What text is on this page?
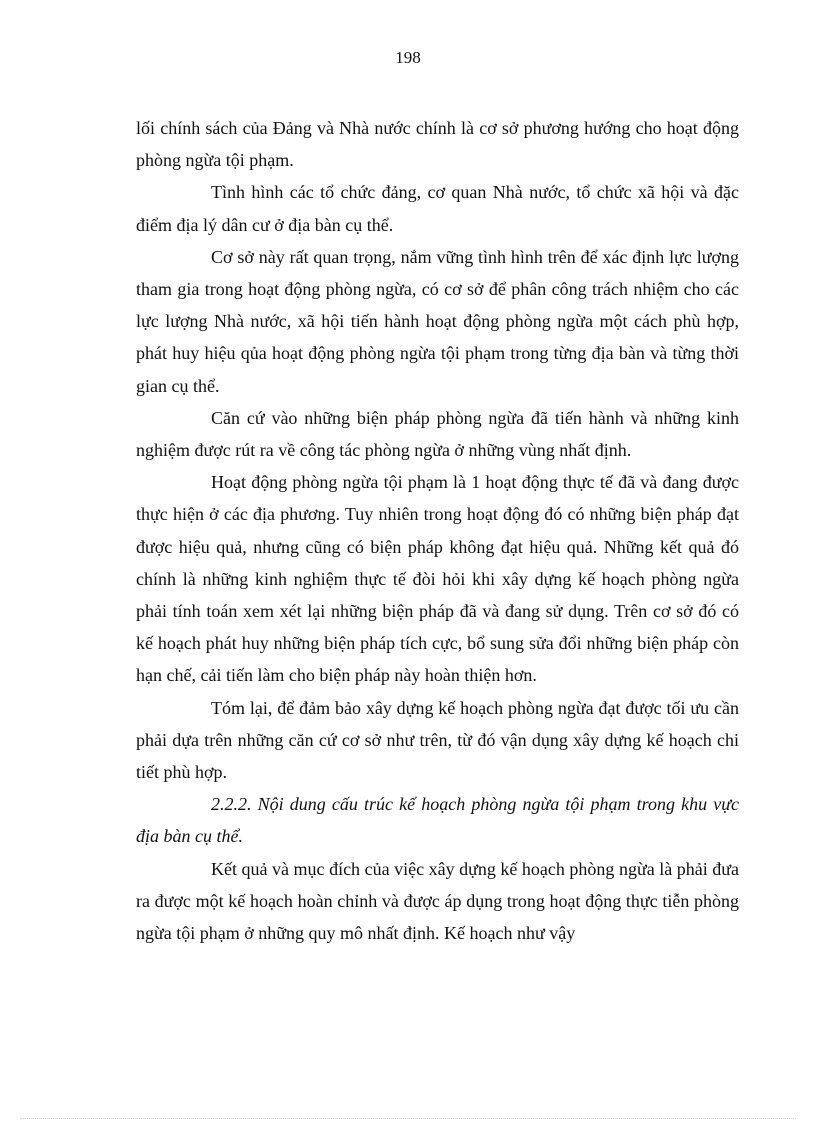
198

lối chính sách của Đảng và Nhà nước chính là cơ sở phương hướng cho hoạt động phòng ngừa tội phạm.

Tình hình các tổ chức đảng, cơ quan Nhà nước, tổ chức xã hội và đặc điểm địa lý dân cư ở địa bàn cụ thể.

Cơ sở này rất quan trọng, nắm vững tình hình trên để xác định lực lượng tham gia trong hoạt động phòng ngừa, có cơ sở để phân công trách nhiệm cho các lực lượng Nhà nước, xã hội tiến hành hoạt động phòng ngừa một cách phù hợp, phát huy hiệu qủa hoạt động phòng ngừa tội phạm trong từng địa bàn và từng thời gian cụ thể.

Căn cứ vào những biện pháp phòng ngừa đã tiến hành và những kinh nghiệm được rút ra về công tác phòng ngừa ở những vùng nhất định.

Hoạt động phòng ngừa tội phạm là 1 hoạt động thực tế đã và đang được thực hiện ở các địa phương. Tuy nhiên trong hoạt động đó có những biện pháp đạt được hiệu quả, nhưng cũng có biện pháp không đạt hiệu quả. Những kết quả đó chính là những kinh nghiệm thực tế đòi hỏi khi xây dựng kế hoạch phòng ngừa phải tính toán xem xét lại những biện pháp đã và đang sử dụng. Trên cơ sở đó có kế hoạch phát huy những biện pháp tích cực, bổ sung sửa đổi những biện pháp còn hạn chế, cải tiến làm cho biện pháp này hoàn thiện hơn.

Tóm lại, để đảm bảo xây dựng kế hoạch phòng ngừa đạt được tối ưu cần phải dựa trên những căn cứ cơ sở như trên, từ đó vận dụng xây dựng kế hoạch chi tiết phù hợp.

2.2.2. Nội dung cấu trúc kế hoạch phòng ngừa tội phạm trong khu vực địa bàn cụ thể.

Kết quả và mục đích của việc xây dựng kế hoạch phòng ngừa là phải đưa ra được một kế hoạch hoàn chỉnh và được áp dụng trong hoạt động thực tiễn phòng ngừa tội phạm ở những quy mô nhất định. Kế hoạch như vậy
